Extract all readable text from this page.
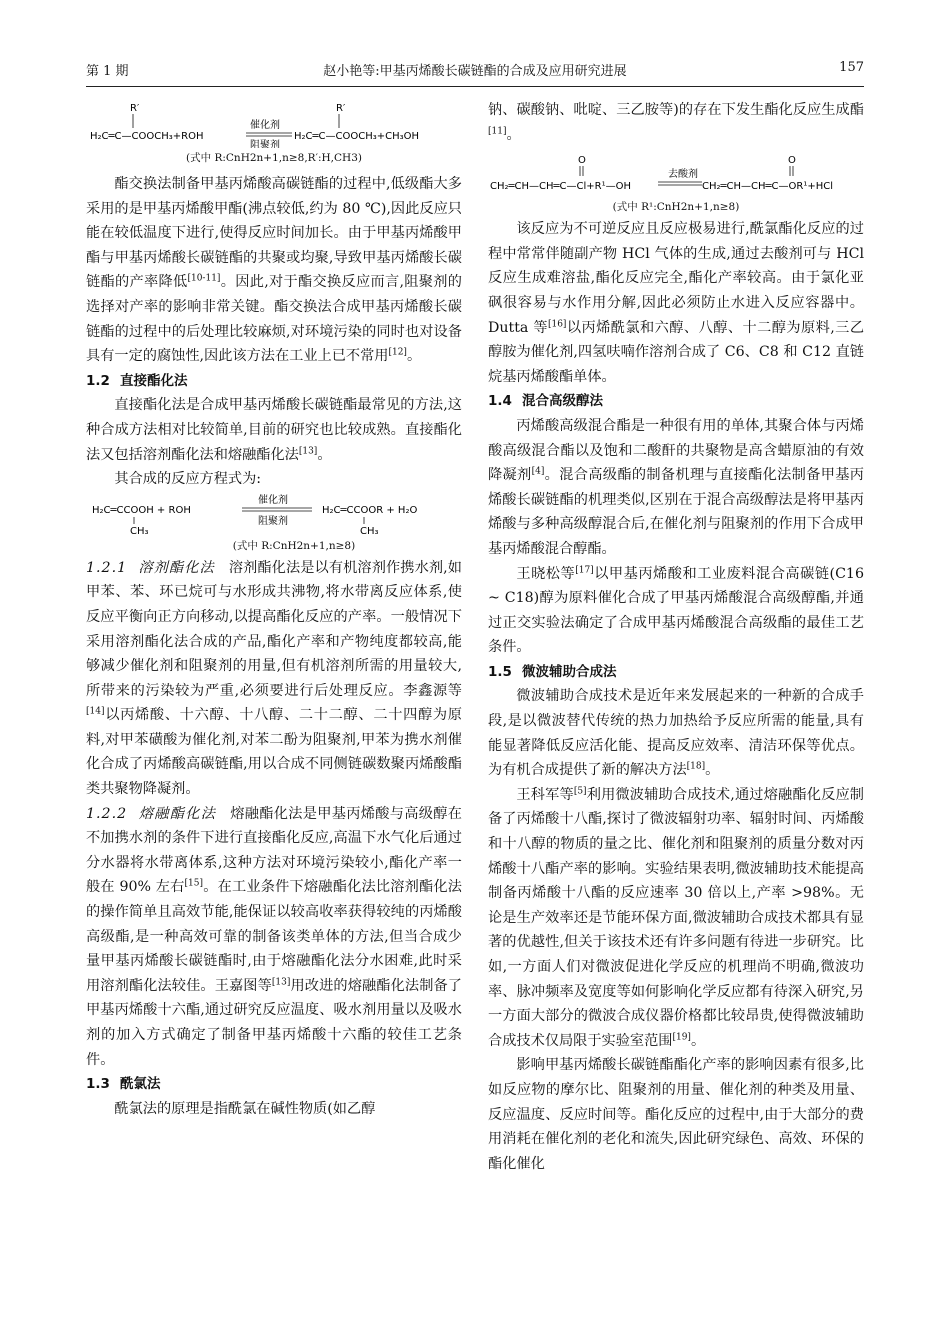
第 1 期	赵小艳等:甲基丙烯酸长碳链酯的合成及应用研究进展	157
R′	R′
H₂C═C—COOCH₃+ROH
催化剂
阻聚剂
H₂C═C—COOCH₃+CH₃OH
(式中 R:CnH2n+1,n≥8,R′:H,CH3)

酯交换法制备甲基丙烯酸高碳链酯的过程中,低级酯大多采用的是甲基丙烯酸甲酯(沸点较低,约为 80 ℃),因此反应只能在较低温度下进行,使得反应时间加长。由于甲基丙烯酸甲酯与甲基丙烯酸长碳链酯的共聚或均聚,导致甲基丙烯酸长碳链酯的产率降低[10-11]。因此,对于酯交换反应而言,阻聚剂的选择对产率的影响非常关键。酯交换法合成甲基丙烯酸长碳链酯的过程中的后处理比较麻烦,对环境污染的同时也对设备具有一定的腐蚀性,因此该方法在工业上已不常用[12]。

1.2 直接酯化法

直接酯化法是合成甲基丙烯酸长碳链酯最常见的方法,这种合成方法相对比较简单,目前的研究也比较成熟。直接酯化法又包括溶剂酯化法和熔融酯化法[13]。

其合成的反应方程式为:

H₂C═CCOOH + ROH
CH₃
催化剂
阻聚剂
H₂C═CCOOR + H₂O
CH₃
(式中 R:CnH2n+1,n≥8)

1.2.1 溶剂酯化法 溶剂酯化法是以有机溶剂作携水剂,如甲苯、苯、环已烷可与水形成共沸物,将水带离反应体系,使反应平衡向正方向移动,以提高酯化反应的产率。一般情况下采用溶剂酯化法合成的产品,酯化产率和产物纯度都较高,能够减少催化剂和阻聚剂的用量,但有机溶剂所需的用量较大,所带来的污染较为严重,必须要进行后处理反应。李鑫源等[14]以丙烯酸、十六醇、十八醇、二十二醇、二十四醇为原料,对甲苯磺酸为催化剂,对苯二酚为阻聚剂,甲苯为携水剂催化合成了丙烯酸高碳链酯,用以合成不同侧链碳数聚丙烯酸酯类共聚物降凝剂。

1.2.2 熔融酯化法 熔融酯化法是甲基丙烯酸与高级醇在不加携水剂的条件下进行直接酯化反应,高温下水气化后通过分水器将水带离体系,这种方法对环境污染较小,酯化产率一般在 90% 左右[15]。在工业条件下熔融酯化法比溶剂酯化法的操作简单且高效节能,能保证以较高收率获得较纯的丙烯酸高级酯,是一种高效可靠的制备该类单体的方法,但当合成少量甲基丙烯酸长碳链酯时,由于熔融酯化法分水困难,此时采用溶剂酯化法较佳。王嘉图等[13]用改进的熔融酯化法制备了甲基丙烯酸十六酯,通过研究反应温度、吸水剂用量以及吸水剂的加入方式确定了制备甲基丙烯酸十六酯的较佳工艺条件。

1.3 酰氯法

酰氯法的原理是指酰氯在碱性物质(如乙醇

钠、碳酸钠、吡啶、三乙胺等)的存在下发生酯化反应生成酯[11]。

O	O
CH₂═CH—CH═C—Cl+R¹—OH
去酸剂
CH₂═CH—CH═C—OR¹+HCl
(式中 R¹:CnH2n+1,n≥8)

该反应为不可逆反应且反应极易进行,酰氯酯化反应的过程中常常伴随副产物 HCl 气体的生成,通过去酸剂可与 HCl 反应生成难溶盐,酯化反应完全,酯化产率较高。由于氯化亚砜很容易与水作用分解,因此必须防止水进入反应容器中。Dutta 等[16]以丙烯酰氯和六醇、八醇、十二醇为原料,三乙醇胺为催化剂,四氢呋喃作溶剂合成了 C6、C8 和 C12 直链烷基丙烯酸酯单体。

1.4 混合高级醇法

丙烯酸高级混合酯是一种很有用的单体,其聚合体与丙烯酸高级混合酯以及饱和二酸酐的共聚物是高含蜡原油的有效降凝剂[4]。混合高级酯的制备机理与直接酯化法制备甲基丙烯酸长碳链酯的机理类似,区别在于混合高级醇法是将甲基丙烯酸与多种高级醇混合后,在催化剂与阻聚剂的作用下合成甲基丙烯酸混合醇酯。

王晓松等[17]以甲基丙烯酸和工业废料混合高碳链(C16 ~ C18)醇为原料催化合成了甲基丙烯酸混合高级醇酯,并通过正交实验法确定了合成甲基丙烯酸混合高级酯的最佳工艺条件。

1.5 微波辅助合成法

微波辅助合成技术是近年来发展起来的一种新的合成手段,是以微波替代传统的热力加热给予反应所需的能量,具有能显著降低反应活化能、提高反应效率、清洁环保等优点。为有机合成提供了新的解决方法[18]。

王科军等[5]利用微波辅助合成技术,通过熔融酯化反应制备了丙烯酸十八酯,探讨了微波辐射功率、辐射时间、丙烯酸和十八醇的物质的量之比、催化剂和阻聚剂的质量分数对丙烯酸十八酯产率的影响。实验结果表明,微波辅助技术能提高制备丙烯酸十八酯的反应速率 30 倍以上,产率 >98%。无论是生产效率还是节能环保方面,微波辅助合成技术都具有显著的优越性,但关于该技术还有许多问题有待进一步研究。比如,一方面人们对微波促进化学反应的机理尚不明确,微波功率、脉冲频率及宽度等如何影响化学反应都有待深入研究,另一方面大部分的微波合成仪器价格都比较昂贵,使得微波辅助合成技术仅局限于实验室范围[19]。

影响甲基丙烯酸长碳链酯酯化产率的影响因素有很多,比如反应物的摩尔比、阻聚剂的用量、催化剂的种类及用量、反应温度、反应时间等。酯化反应的过程中,由于大部分的费用消耗在催化剂的老化和流失,因此研究绿色、高效、环保的酯化催化
